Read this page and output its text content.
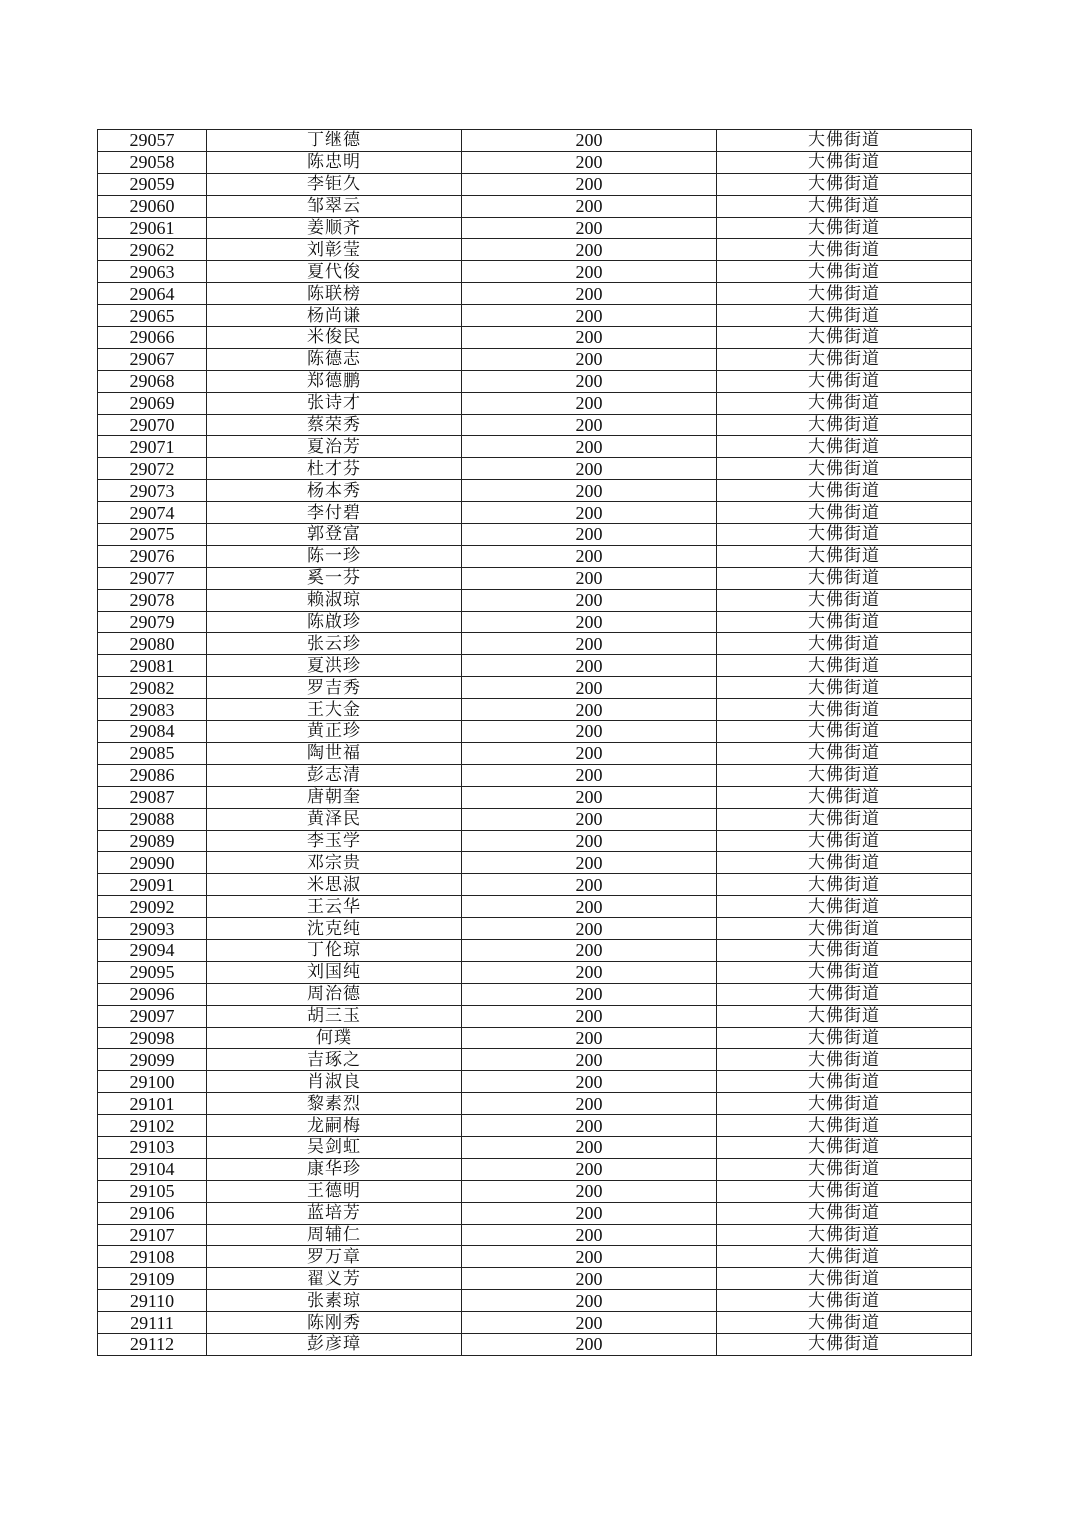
29057	丁继德	200	大佛街道
29058	陈忠明	200	大佛街道
29059	李钜久	200	大佛街道
29060	邹翠云	200	大佛街道
29061	姜顺齐	200	大佛街道
29062	刘彰莹	200	大佛街道
29063	夏代俊	200	大佛街道
29064	陈联榜	200	大佛街道
29065	杨尚谦	200	大佛街道
29066	米俊民	200	大佛街道
29067	陈德志	200	大佛街道
29068	郑德鹏	200	大佛街道
29069	张诗才	200	大佛街道
29070	蔡荣秀	200	大佛街道
29071	夏治芳	200	大佛街道
29072	杜才芬	200	大佛街道
29073	杨本秀	200	大佛街道
29074	李付碧	200	大佛街道
29075	郭登富	200	大佛街道
29076	陈一珍	200	大佛街道
29077	奚一芬	200	大佛街道
29078	赖淑琼	200	大佛街道
29079	陈啟珍	200	大佛街道
29080	张云珍	200	大佛街道
29081	夏洪珍	200	大佛街道
29082	罗吉秀	200	大佛街道
29083	王大金	200	大佛街道
29084	黄正珍	200	大佛街道
29085	陶世福	200	大佛街道
29086	彭志清	200	大佛街道
29087	唐朝奎	200	大佛街道
29088	黄泽民	200	大佛街道
29089	李玉学	200	大佛街道
29090	邓宗贵	200	大佛街道
29091	米思淑	200	大佛街道
29092	王云华	200	大佛街道
29093	沈克纯	200	大佛街道
29094	丁伦琼	200	大佛街道
29095	刘国纯	200	大佛街道
29096	周治德	200	大佛街道
29097	胡三玉	200	大佛街道
29098	何璞	200	大佛街道
29099	吉琢之	200	大佛街道
29100	肖淑良	200	大佛街道
29101	黎素烈	200	大佛街道
29102	龙嗣梅	200	大佛街道
29103	吴剑虹	200	大佛街道
29104	康华珍	200	大佛街道
29105	王德明	200	大佛街道
29106	蓝培芳	200	大佛街道
29107	周辅仁	200	大佛街道
29108	罗万章	200	大佛街道
29109	翟义芳	200	大佛街道
29110	张素琼	200	大佛街道
29111	陈刚秀	200	大佛街道
29112	彭彦璋	200	大佛街道
